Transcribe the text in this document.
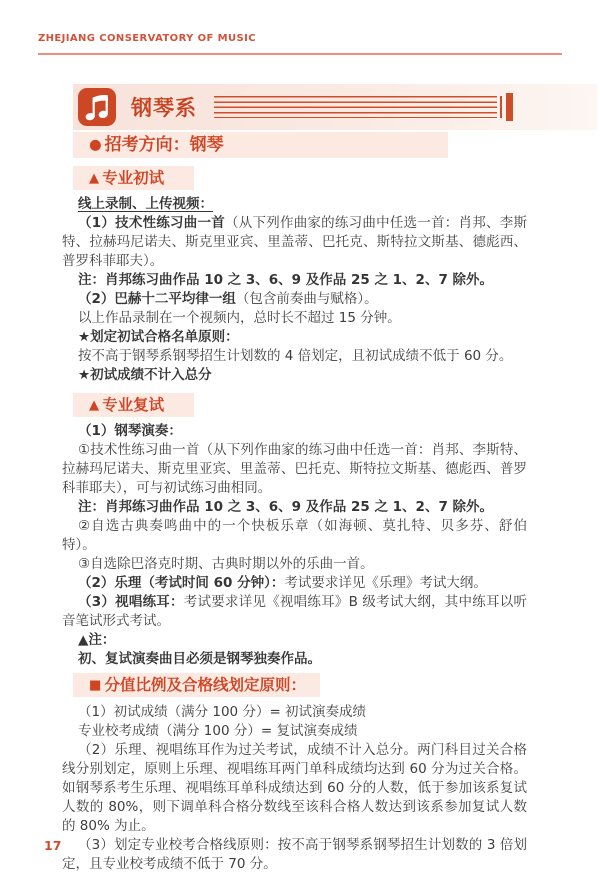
ZHEJIANG CONSERVATORY OF MUSIC
钢琴系
● 招考方向：钢琴
▲ 专业初试

线上录制、上传视频：

（1）技术性练习曲一首（从下列作曲家的练习曲中任选一首：肖邦、李斯特、拉赫玛尼诺夫、斯克里亚宾、里盖蒂、巴托克、斯特拉文斯基、德彪西、普罗科菲耶夫）。

注：肖邦练习曲作品 10 之 3、6、9 及作品 25 之 1、2、7 除外。

（2）巴赫十二平均律一组（包含前奏曲与赋格）。

以上作品录制在一个视频内，总时长不超过 15 分钟。

★划定初试合格名单原则：

按不高于钢琴系钢琴招生计划数的 4 倍划定，且初试成绩不低于 60 分。

★初试成绩不计入总分

▲ 专业复试

（1）钢琴演奏：

①技术性练习曲一首（从下列作曲家的练习曲中任选一首：肖邦、李斯特、拉赫玛尼诺夫、斯克里亚宾、里盖蒂、巴托克、斯特拉文斯基、德彪西、普罗科菲耶夫），可与初试练习曲相同。

注：肖邦练习曲作品 10 之 3、6、9 及作品 25 之 1、2、7 除外。

②自选古典奏鸣曲中的一个快板乐章（如海顿、莫扎特、贝多芬、舒伯特）。

③自选除巴洛克时期、古典时期以外的乐曲一首。

（2）乐理（考试时间 60 分钟）：考试要求详见《乐理》考试大纲。

（3）视唱练耳：考试要求详见《视唱练耳》B 级考试大纲，其中练耳以听音笔试形式考试。

▲注：

初、复试演奏曲目必须是钢琴独奏作品。

■ 分值比例及合格线划定原则：

（1）初试成绩（满分 100 分）= 初试演奏成绩

专业校考成绩（满分 100 分）= 复试演奏成绩

（2）乐理、视唱练耳作为过关考试，成绩不计入总分。两门科目过关合格线分别划定，原则上乐理、视唱练耳两门单科成绩均达到 60 分为过关合格。如钢琴系考生乐理、视唱练耳单科成绩达到 60 分的人数，低于参加该系复试人数的 80%，则下调单科合格分数线至该科合格人数达到该系参加复试人数的 80% 为止。

（3）划定专业校考合格线原则：按不高于钢琴系钢琴招生计划数的 3 倍划定，且专业校考成绩不低于 70 分。

17
